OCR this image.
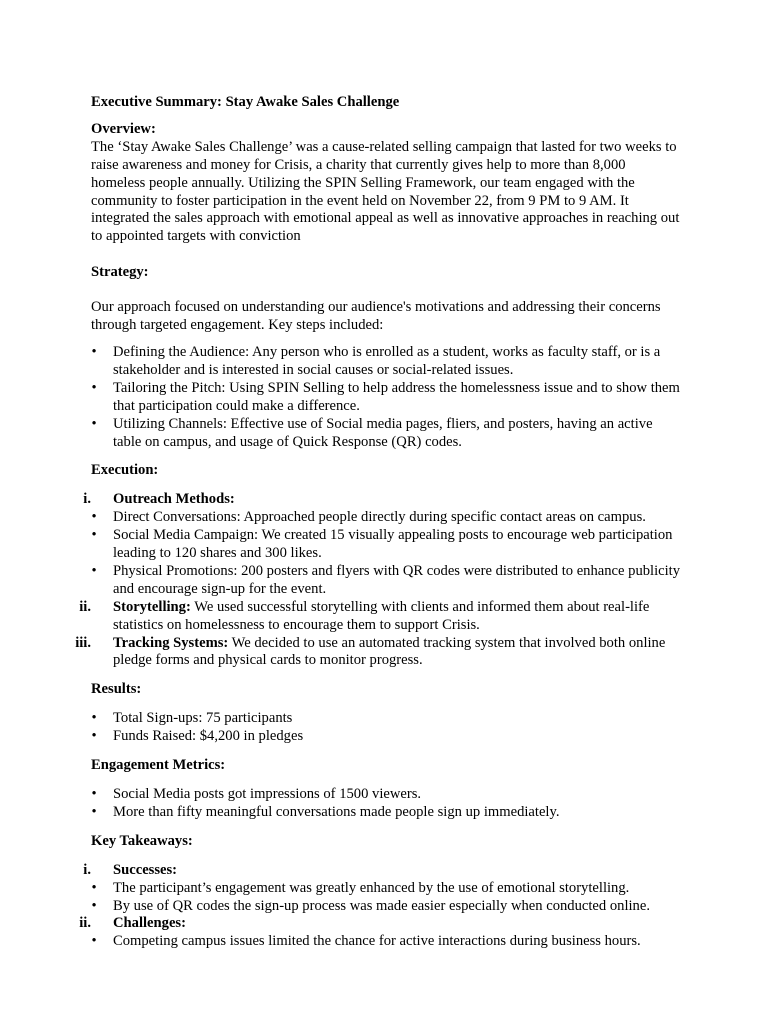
Executive Summary: Stay Awake Sales Challenge

Overview:

The ‘Stay Awake Sales Challenge’ was a cause-related selling campaign that lasted for two weeks to raise awareness and money for Crisis, a charity that currently gives help to more than 8,000 homeless people annually. Utilizing the SPIN Selling Framework, our team engaged with the community to foster participation in the event held on November 22, from 9 PM to 9 AM. It integrated the sales approach with emotional appeal as well as innovative approaches in reaching out to appointed targets with conviction

Strategy:

Our approach focused on understanding our audience's motivations and addressing their concerns through targeted engagement. Key steps included:

• Defining the Audience: Any person who is enrolled as a student, works as faculty staff, or is a stakeholder and is interested in social causes or social-related issues.
• Tailoring the Pitch: Using SPIN Selling to help address the homelessness issue and to show them that participation could make a difference.
• Utilizing Channels: Effective use of Social media pages, fliers, and posters, having an active table on campus, and usage of Quick Response (QR) codes.

Execution:

i. Outreach Methods:
• Direct Conversations: Approached people directly during specific contact areas on campus.
• Social Media Campaign: We created 15 visually appealing posts to encourage web participation leading to 120 shares and 300 likes.
• Physical Promotions: 200 posters and flyers with QR codes were distributed to enhance publicity and encourage sign-up for the event.
ii. Storytelling: We used successful storytelling with clients and informed them about real-life statistics on homelessness to encourage them to support Crisis.
iii. Tracking Systems: We decided to use an automated tracking system that involved both online pledge forms and physical cards to monitor progress.

Results:

• Total Sign-ups: 75 participants
• Funds Raised: $4,200 in pledges

Engagement Metrics:

• Social Media posts got impressions of 1500 viewers.
• More than fifty meaningful conversations made people sign up immediately.

Key Takeaways:

i. Successes:
• The participant’s engagement was greatly enhanced by the use of emotional storytelling.
• By use of QR codes the sign-up process was made easier especially when conducted online.
ii. Challenges:
• Competing campus issues limited the chance for active interactions during business hours.
